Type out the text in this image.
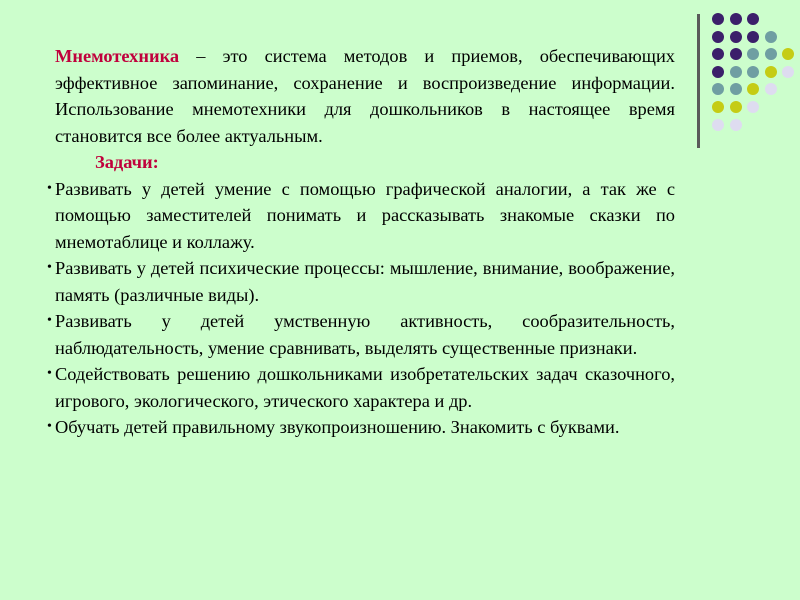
Мнемотехника – это система методов и приемов, обеспечивающих эффективное запоминание, сохранение и воспроизведение информации. Использование мнемотехники для дошкольников в настоящее время становится все более актуальным.

Задачи:

• Развивать у детей умение с помощью графической аналогии, а так же с помощью заместителей понимать и рассказывать знакомые сказки по мнемотаблице и коллажу.
• Развивать у детей психические процессы: мышление, внимание, воображение, память (различные виды).
• Развивать у детей умственную активность, сообразительность, наблюдательность, умение сравнивать, выделять существенные признаки.
• Содействовать решению дошкольниками изобретательских задач сказочного, игрового, экологического, этического характера и др.
• Обучать детей правильному звукопроизношению. Знакомить с буквами.
